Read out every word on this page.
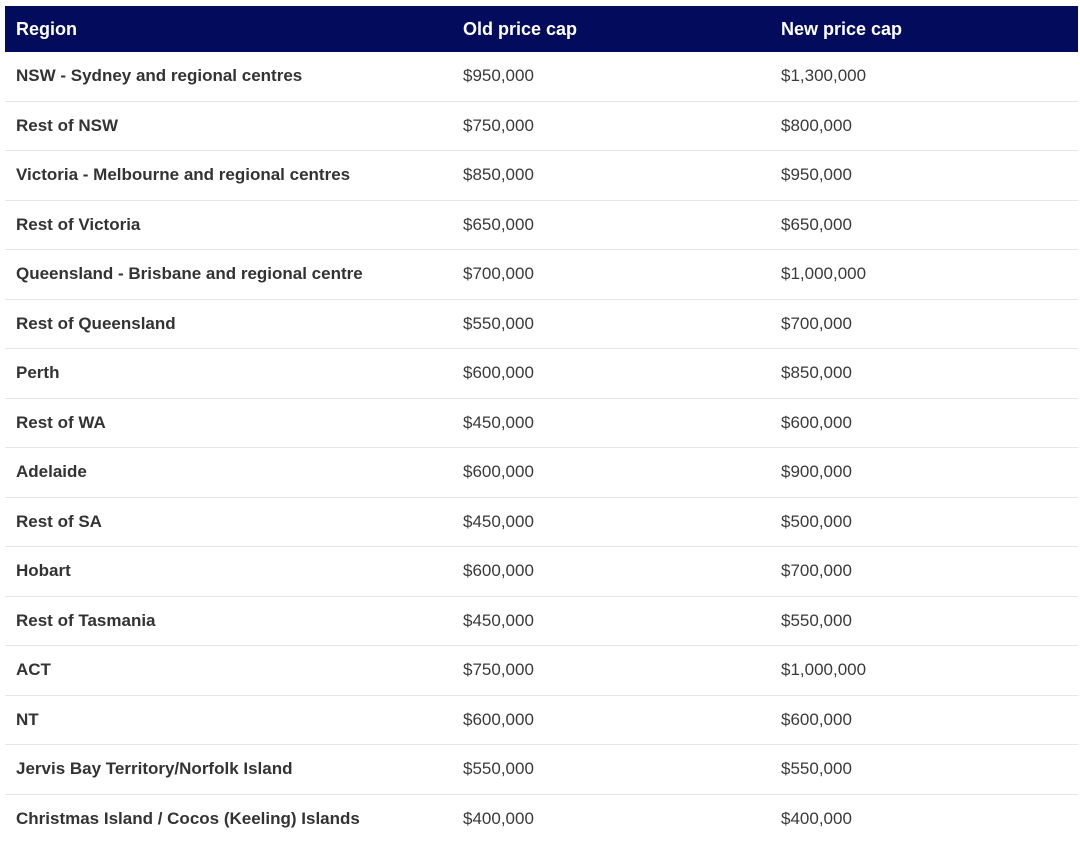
Region	Old price cap	New price cap
NSW - Sydney and regional centres	$950,000	$1,300,000
Rest of NSW	$750,000	$800,000
Victoria - Melbourne and regional centres	$850,000	$950,000
Rest of Victoria	$650,000	$650,000
Queensland - Brisbane and regional centre	$700,000	$1,000,000
Rest of Queensland	$550,000	$700,000
Perth	$600,000	$850,000
Rest of WA	$450,000	$600,000
Adelaide	$600,000	$900,000
Rest of SA	$450,000	$500,000
Hobart	$600,000	$700,000
Rest of Tasmania	$450,000	$550,000
ACT	$750,000	$1,000,000
NT	$600,000	$600,000
Jervis Bay Territory/Norfolk Island	$550,000	$550,000
Christmas Island / Cocos (Keeling) Islands	$400,000	$400,000
